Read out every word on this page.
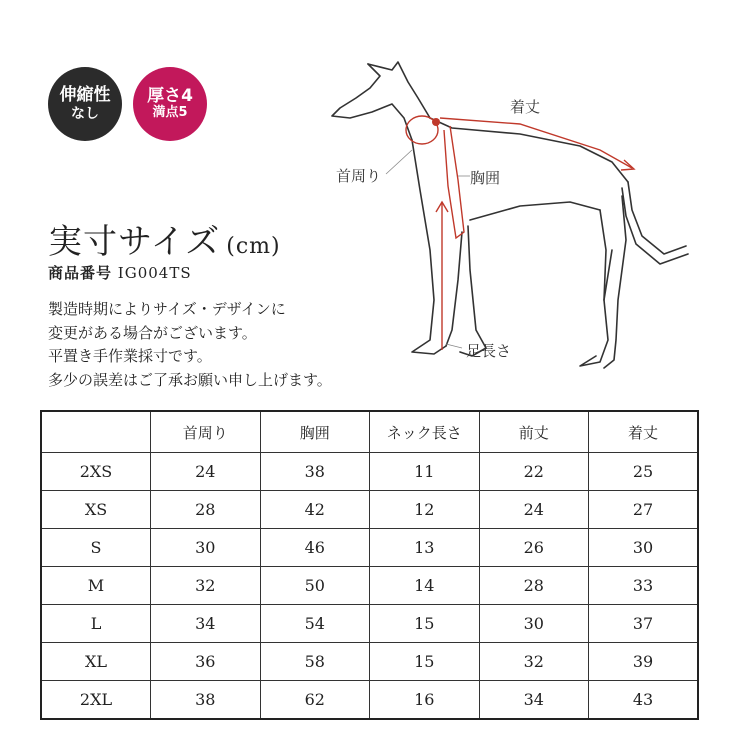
伸縮性
なし
厚さ4
満点5
実寸サイズ (cm)
商品番号 IG004TS
製造時期によりサイズ・デザインに
変更がある場合がございます。
平置き手作業採寸です。
多少の誤差はご了承お願い申し上げます。
着丈
首周り	胸囲
足長さ
	首周り	胸囲	ネック長さ	前丈	着丈
2XS	24	38	11	22	25
XS	28	42	12	24	27
S	30	46	13	26	30
M	32	50	14	28	33
L	34	54	15	30	37
XL	36	58	15	32	39
2XL	38	62	16	34	43
